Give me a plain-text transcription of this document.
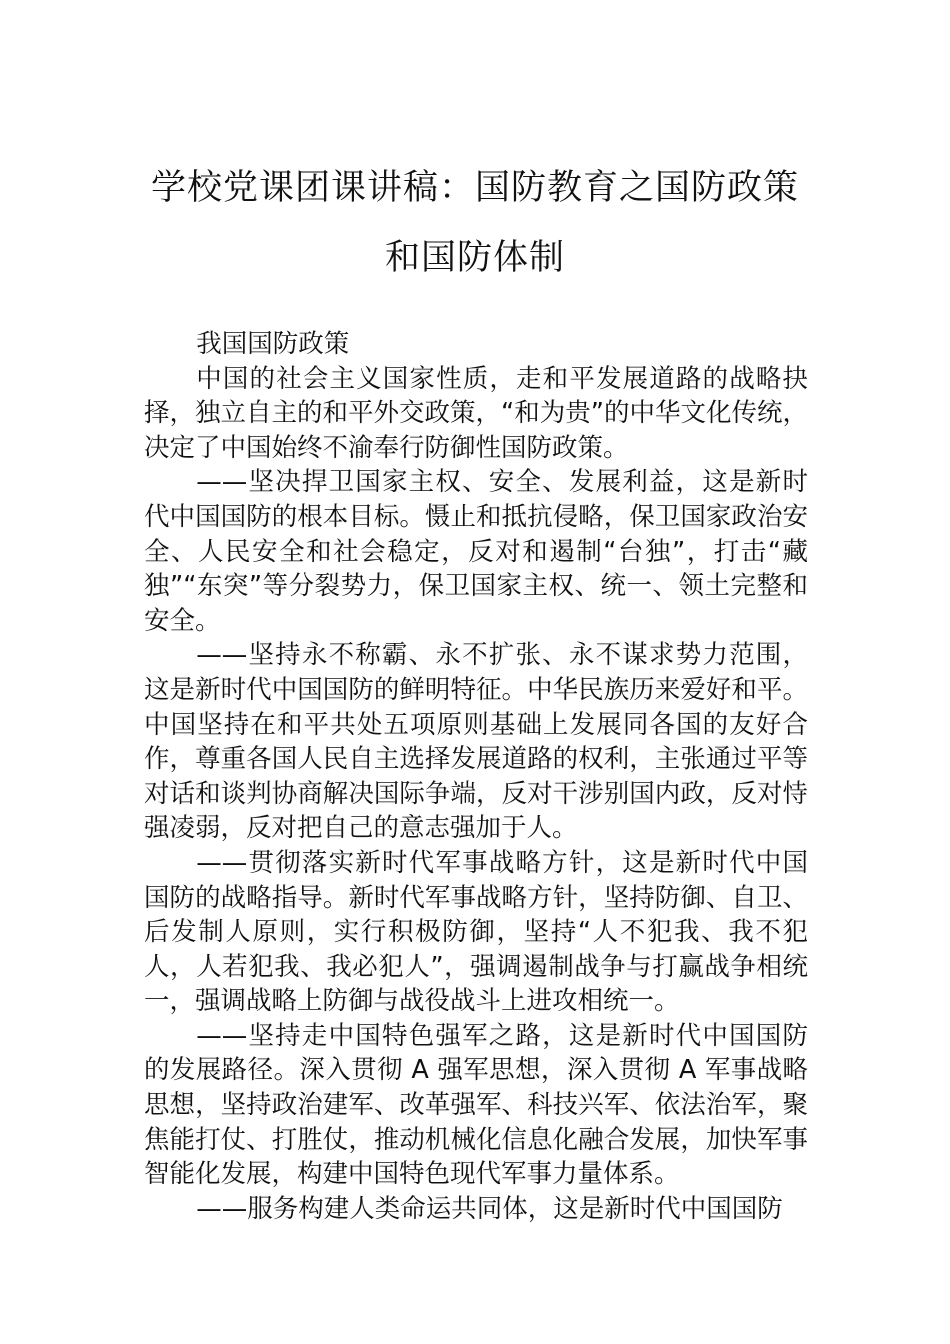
学校党课团课讲稿：国防教育之国防政策
和国防体制

我国国防政策

中国的社会主义国家性质，走和平发展道路的战略抉择，独立自主的和平外交政策，“和为贵”的中华文化传统，决定了中国始终不渝奉行防御性国防政策。

——坚决捍卫国家主权、安全、发展利益，这是新时代中国国防的根本目标。慑止和抵抗侵略，保卫国家政治安全、人民安全和社会稳定，反对和遏制“台独”，打击“藏独”“东突”等分裂势力，保卫国家主权、统一、领土完整和安全。

——坚持永不称霸、永不扩张、永不谋求势力范围，这是新时代中国国防的鲜明特征。中华民族历来爱好和平。中国坚持在和平共处五项原则基础上发展同各国的友好合作，尊重各国人民自主选择发展道路的权利，主张通过平等对话和谈判协商解决国际争端，反对干涉别国内政，反对恃强凌弱，反对把自己的意志强加于人。

——贯彻落实新时代军事战略方针，这是新时代中国国防的战略指导。新时代军事战略方针，坚持防御、自卫、后发制人原则，实行积极防御，坚持“人不犯我、我不犯人，人若犯我、我必犯人”，强调遏制战争与打赢战争相统一，强调战略上防御与战役战斗上进攻相统一。

——坚持走中国特色强军之路，这是新时代中国国防的发展路径。深入贯彻 A 强军思想，深入贯彻 A 军事战略思想，坚持政治建军、改革强军、科技兴军、依法治军，聚焦能打仗、打胜仗，推动机械化信息化融合发展，加快军事智能化发展，构建中国特色现代军事力量体系。

——服务构建人类命运共同体，这是新时代中国国防
